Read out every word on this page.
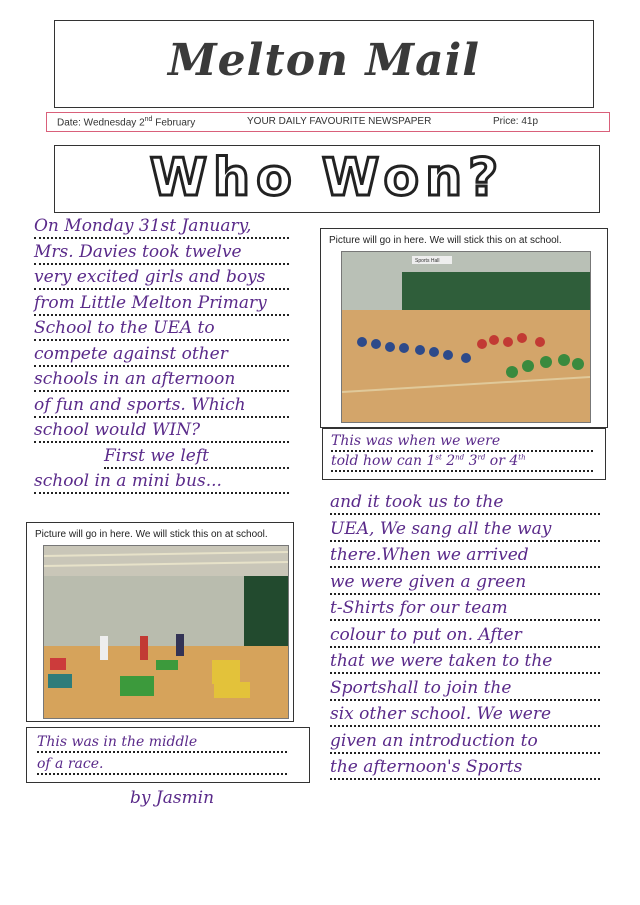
Melton Mail
Date: Wednesday 2nd February	YOUR DAILY FAVOURITE NEWSPAPER	Price: 41p
Who Won?
On Monday 31st January,
Mrs. Davies took twelve
very excited girls and boys
from Little Melton Primary
School to the UEA to
compete against other
schools in an afternoon
of fun and sports. Which
school would WIN?
First we left
school in a mini bus...
Picture will go in here. We will stick this on at school.
Sports Hall
This was when we were
told how can 1st 2nd 3rd or 4th
and it took us to the
UEA, We sang all the way
there.When we arrived
we were given a green
t-Shirts for our team
colour to put on. After
that we were taken to the
Sportshall to join the
six other school. We were
given an introduction to
the afternoon's Sports
Picture will go in here. We will stick this on at school.
This was in the middle
of a race.
by Jasmin
